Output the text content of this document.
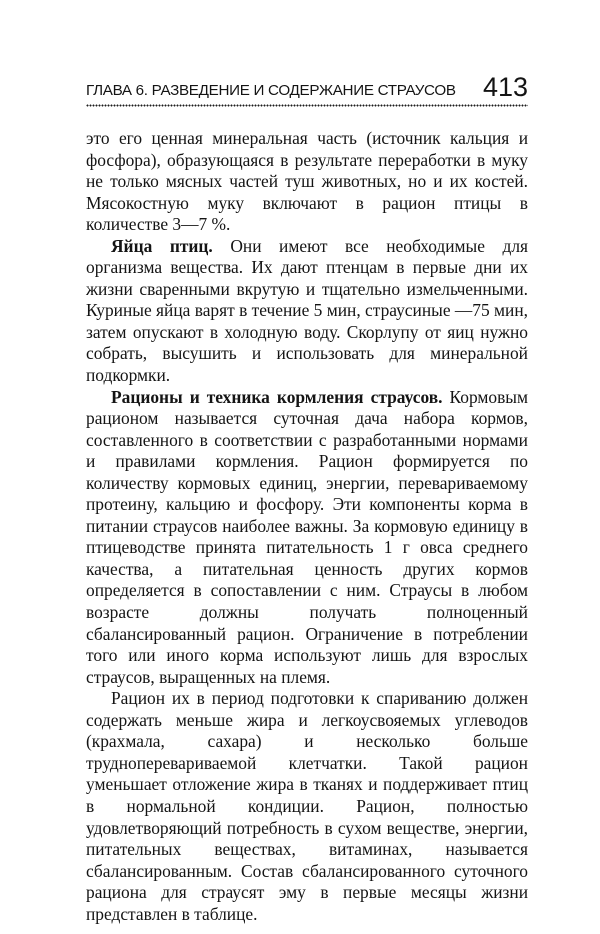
ГЛАВА 6. РАЗВЕДЕНИЕ И СОДЕРЖАНИЕ СТРАУСОВ 413

это его ценная минеральная часть (источник кальция и фосфора), образующаяся в результате переработки в муку не только мясных частей туш животных, но и их костей. Мясокостную муку включают в рацион птицы в количестве 3—7 %.

Яйца птиц. Они имеют все необходимые для организма вещества. Их дают птенцам в первые дни их жизни сваренными вкрутую и тщательно измельченными. Куриные яйца варят в течение 5 мин, страусиные —75 мин, затем опускают в холодную воду. Скорлупу от яиц нужно собрать, высушить и использовать для минеральной подкормки.

Рационы и техника кормления страусов. Кормовым рационом называется суточная дача набора кормов, составленного в соответствии с разработанными нормами и правилами кормления. Рацион формируется по количеству кормовых единиц, энергии, перевариваемому протеину, кальцию и фосфору. Эти компоненты корма в питании страусов наиболее важны. За кормовую единицу в птицеводстве принята питательность 1 г овса среднего качества, а питательная ценность других кормов определяется в сопоставлении с ним. Страусы в любом возрасте должны получать полноценный сбалансированный рацион. Ограничение в потреблении того или иного корма используют лишь для взрослых страусов, выращенных на племя.

Рацион их в период подготовки к спариванию должен содержать меньше жира и легкоусвояемых углеводов (крахмала, сахара) и несколько больше трудноперевариваемой клетчатки. Такой рацион уменьшает отложение жира в тканях и поддерживает птиц в нормальной кондиции. Рацион, полностью удовлетворяющий потребность в сухом веществе, энергии, питательных веществах, витаминах, называется сбалансированным. Состав сбалансированного суточного рациона для страусят эму в первые месяцы жизни представлен в таблице.
